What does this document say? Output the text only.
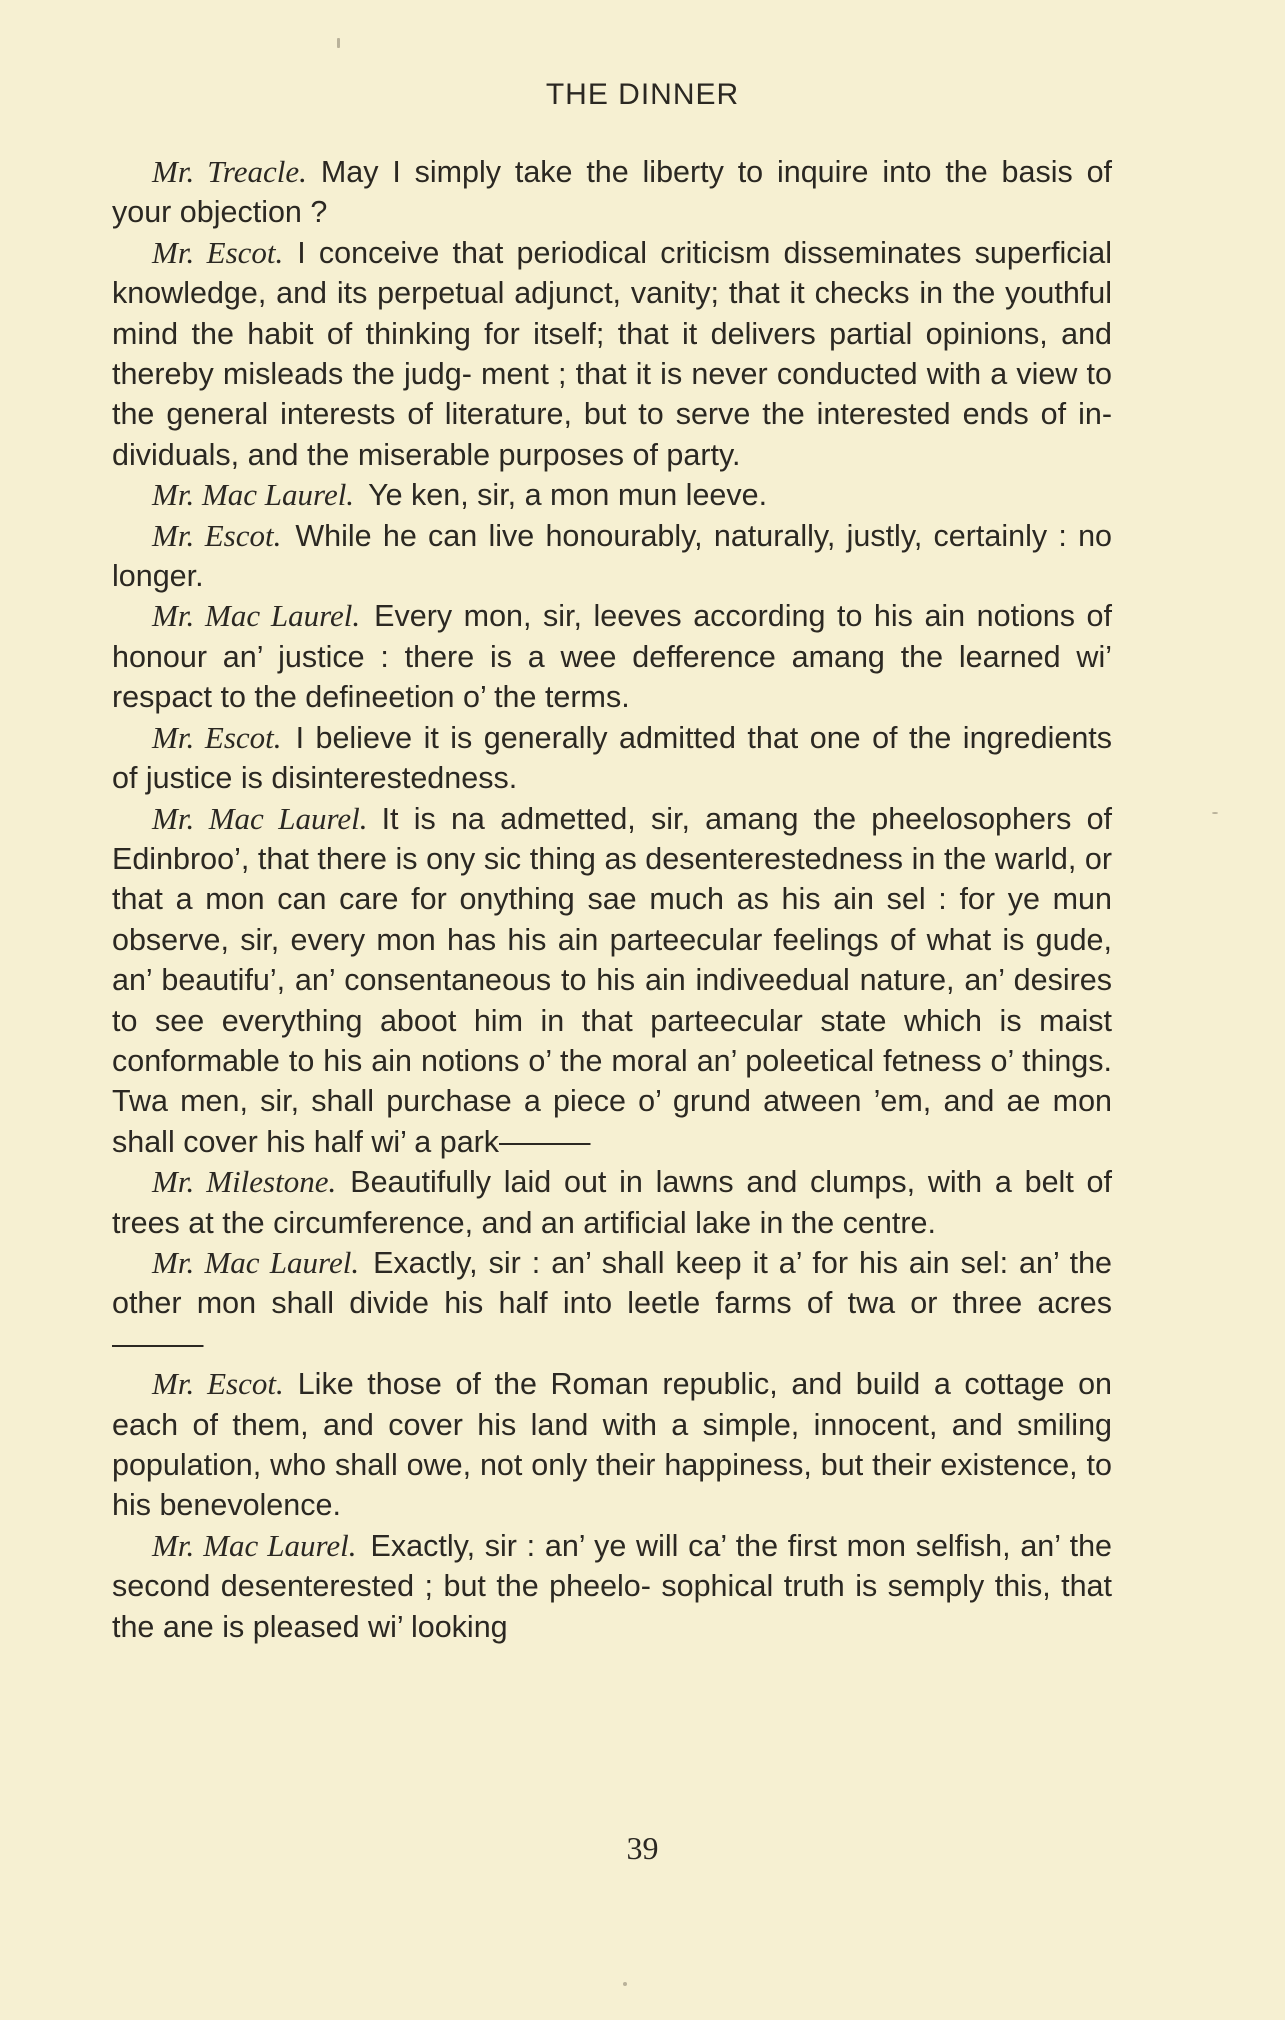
THE DINNER

Mr. Treacle. May I simply take the liberty to inquire into the basis of your objection ?

Mr. Escot. I conceive that periodical criticism disseminates superficial knowledge, and its perpetual adjunct, vanity; that it checks in the youthful mind the habit of thinking for itself; that it delivers partial opinions, and thereby misleads the judg- ment ; that it is never conducted with a view to the general interests of literature, but to serve the interested ends of in- dividuals, and the miserable purposes of party.

Mr. Mac Laurel. Ye ken, sir, a mon mun leeve.

Mr. Escot. While he can live honourably, naturally, justly, certainly : no longer.

Mr. Mac Laurel. Every mon, sir, leeves according to his ain notions of honour an’ justice : there is a wee defference amang the learned wi’ respact to the defineetion o’ the terms.

Mr. Escot. I believe it is generally admitted that one of the ingredients of justice is disinterestedness.

Mr. Mac Laurel. It is na admetted, sir, amang the pheelosophers of Edinbroo’, that there is ony sic thing as desenterestedness in the warld, or that a mon can care for onything sae much as his ain sel : for ye mun observe, sir, every mon has his ain parteecular feelings of what is gude, an’ beautifu’, an’ consentaneous to his ain indiveedual nature, an’ desires to see everything aboot him in that parteecular state which is maist conformable to his ain notions o’ the moral an’ poleetical fetness o’ things. Twa men, sir, shall purchase a piece o’ grund atween ’em, and ae mon shall cover his half wi’ a park———

Mr. Milestone. Beautifully laid out in lawns and clumps, with a belt of trees at the circumference, and an artificial lake in the centre.

Mr. Mac Laurel. Exactly, sir : an’ shall keep it a’ for his ain sel: an’ the other mon shall divide his half into leetle farms of twa or three acres———

Mr. Escot. Like those of the Roman republic, and build a cottage on each of them, and cover his land with a simple, innocent, and smiling population, who shall owe, not only their happiness, but their existence, to his benevolence.

Mr. Mac Laurel. Exactly, sir : an’ ye will ca’ the first mon selfish, an’ the second desenterested ; but the pheelo- sophical truth is semply this, that the ane is pleased wi’ looking

39
